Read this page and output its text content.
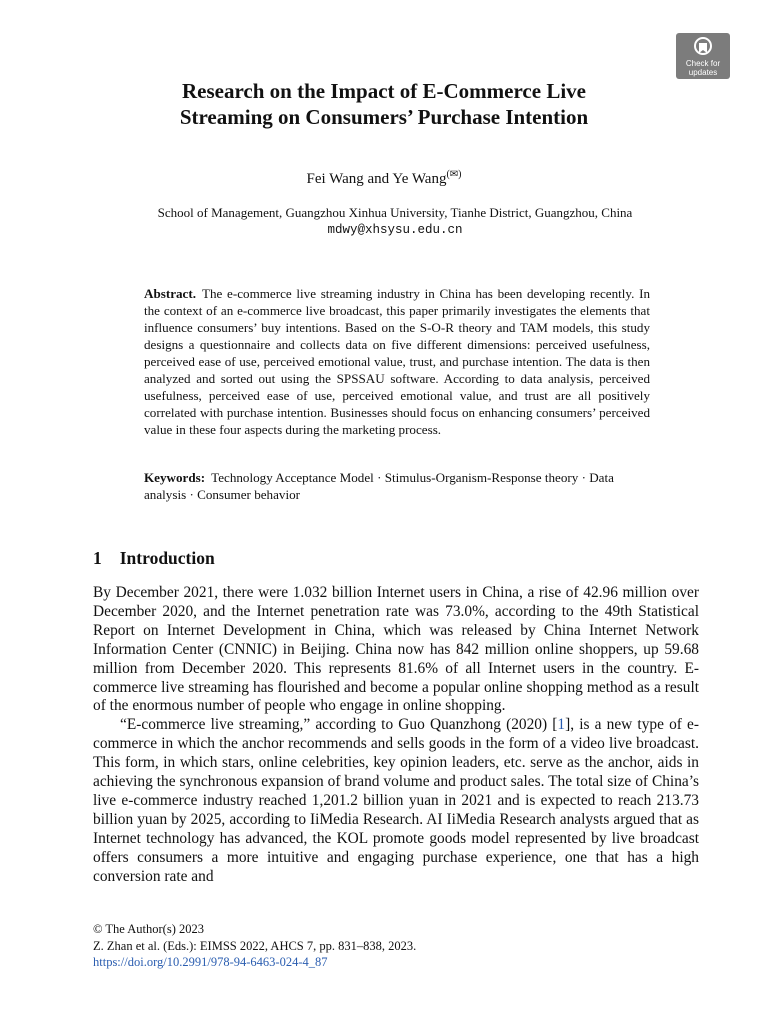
Check for
updates
Research on the Impact of E-Commerce Live
Streaming on Consumers’ Purchase Intention
Fei Wang and Ye Wang(✉)
School of Management, Guangzhou Xinhua University, Tianhe District, Guangzhou, China
mdwy@xhsysu.edu.cn
Abstract. The e-commerce live streaming industry in China has been developing recently. In the context of an e-commerce live broadcast, this paper primarily investigates the elements that influence consumers’ buy intentions. Based on the S-O-R theory and TAM models, this study designs a questionnaire and collects data on five different dimensions: perceived usefulness, perceived ease of use, perceived emotional value, trust, and purchase intention. The data is then analyzed and sorted out using the SPSSAU software. According to data analysis, perceived usefulness, perceived ease of use, perceived emotional value, and trust are all positively correlated with purchase intention. Businesses should focus on enhancing consumers’ perceived value in these four aspects during the marketing process.
Keywords: Technology Acceptance Model · Stimulus-Organism-Response theory · Data analysis · Consumer behavior
1 Introduction

By December 2021, there were 1.032 billion Internet users in China, a rise of 42.96 million over December 2020, and the Internet penetration rate was 73.0%, according to the 49th Statistical Report on Internet Development in China, which was released by China Internet Network Information Center (CNNIC) in Beijing. China now has 842 million online shoppers, up 59.68 million from December 2020. This represents 81.6% of all Internet users in the country. E-commerce live streaming has flourished and become a popular online shopping method as a result of the enormous number of people who engage in online shopping.

“E-commerce live streaming,” according to Guo Quanzhong (2020) [1], is a new type of e-commerce in which the anchor recommends and sells goods in the form of a video live broadcast. This form, in which stars, online celebrities, key opinion leaders, etc. serve as the anchor, aids in achieving the synchronous expansion of brand volume and product sales. The total size of China’s live e-commerce industry reached 1,201.2 billion yuan in 2021 and is expected to reach 213.73 billion yuan by 2025, according to IiMedia Research. AI IiMedia Research analysts argued that as Internet technology has advanced, the KOL promote goods model represented by live broadcast offers consumers a more intuitive and engaging purchase experience, one that has a high conversion rate and

© The Author(s) 2023
Z. Zhan et al. (Eds.): EIMSS 2022, AHCS 7, pp. 831–838, 2023.
https://doi.org/10.2991/978-94-6463-024-4_87
